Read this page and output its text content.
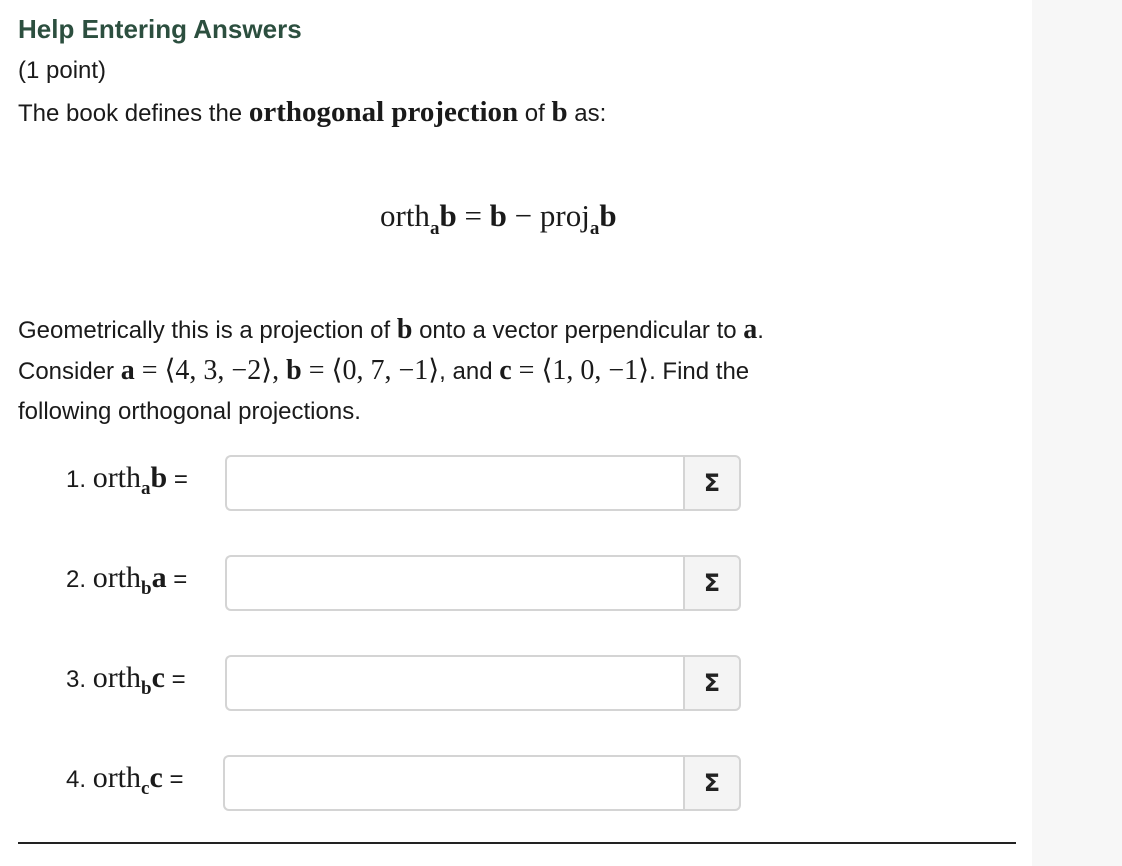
Help Entering Answers
(1 point)
The book defines the orthogonal projection of b as:
orth$_a$b = b − proj$_a$b
Geometrically this is a projection of b onto a vector perpendicular to a.
Consider a = ⟨4, 3, −2⟩, b = ⟨0, 7, −1⟩, and c = ⟨1, 0, −1⟩. Find the
following orthogonal projections.
1. orth$_a$b =	Σ
2. orth$_b$a =	Σ
3. orth$_b$c =	Σ
4. orth$_c$c =	Σ
